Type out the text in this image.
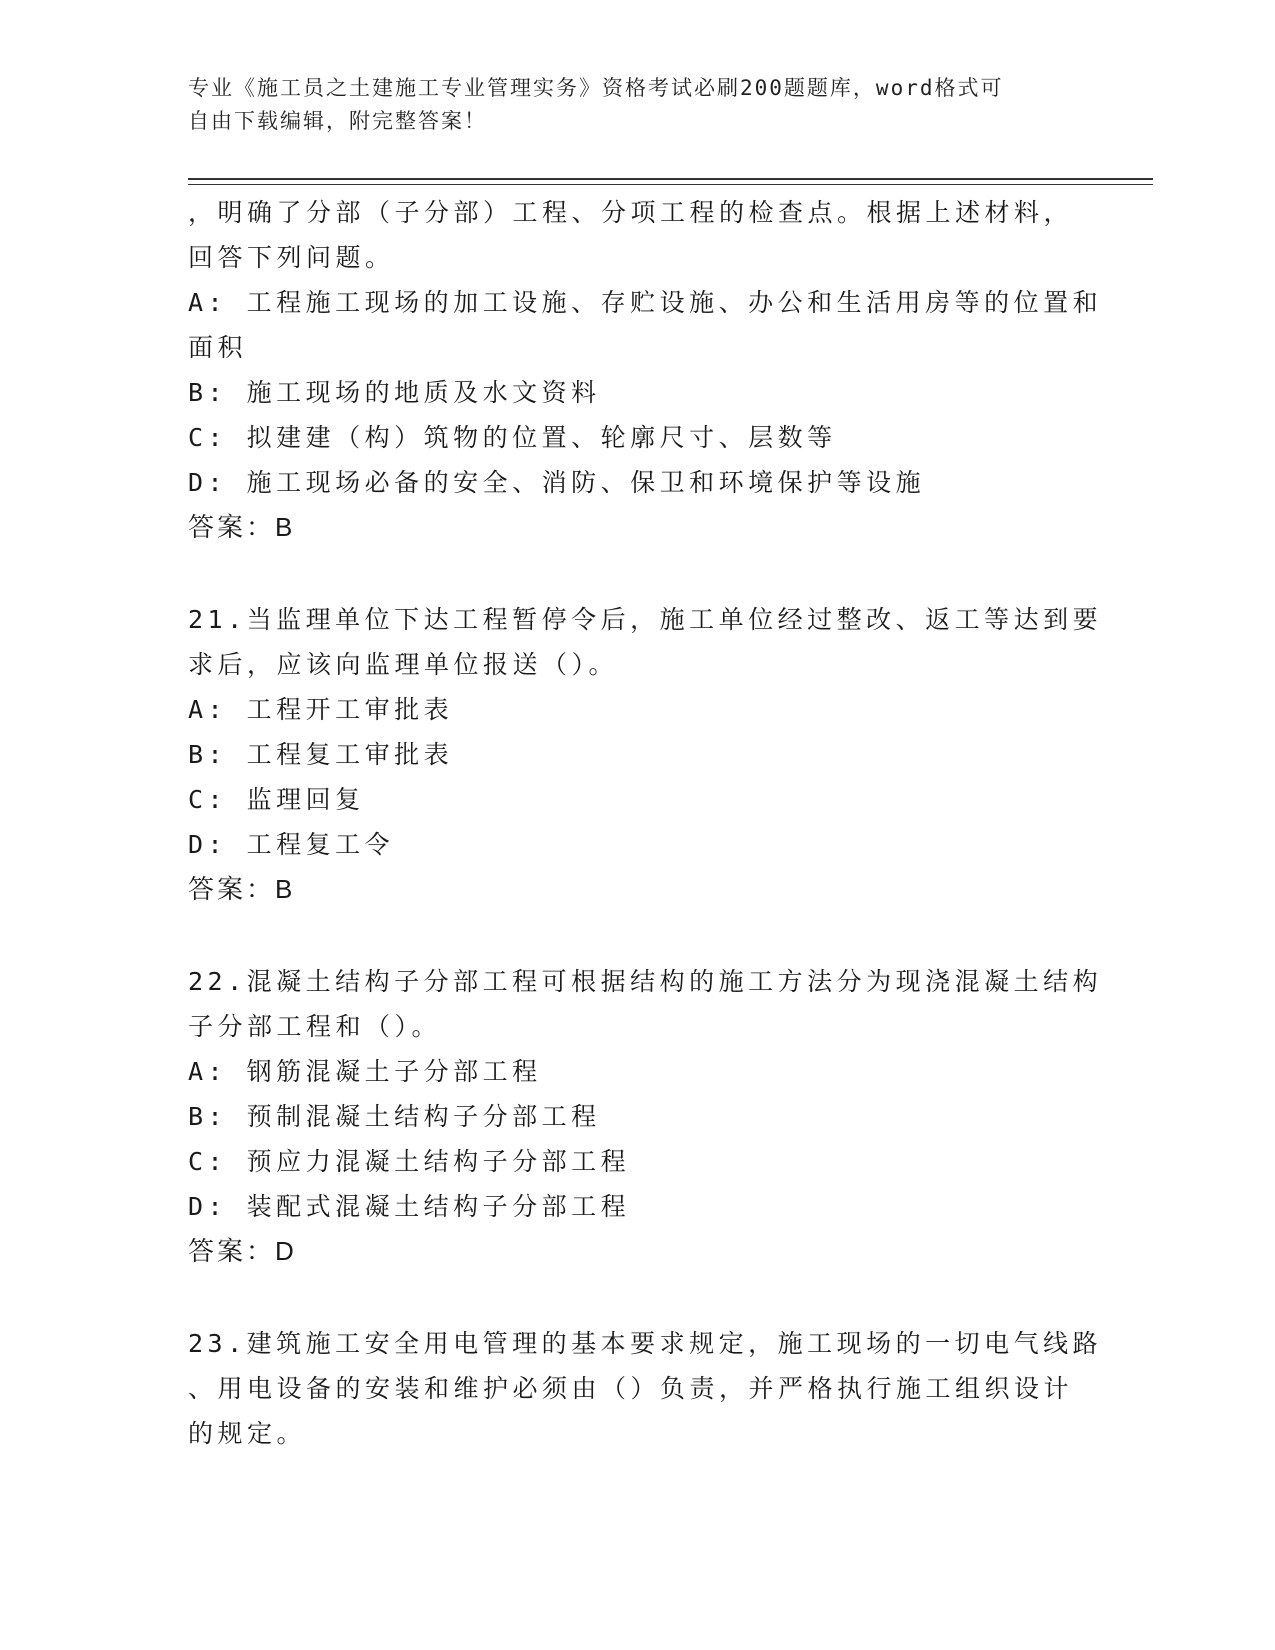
专业《施工员之土建施工专业管理实务》资格考试必刷200题题库，word格式可
自由下载编辑，附完整答案！
，明确了分部（子分部）工程、分项工程的检查点。根据上述材料，
回答下列问题。
A: 工程施工现场的加工设施、存贮设施、办公和生活用房等的位置和
面积
B: 施工现场的地质及水文资料
C: 拟建建（构）筑物的位置、轮廓尺寸、层数等
D: 施工现场必备的安全、消防、保卫和环境保护等设施
答案：B
21.当监理单位下达工程暂停令后，施工单位经过整改、返工等达到要
求后，应该向监理单位报送（）。
A: 工程开工审批表
B: 工程复工审批表
C: 监理回复
D: 工程复工令
答案：B
22.混凝土结构子分部工程可根据结构的施工方法分为现浇混凝土结构
子分部工程和（）。
A: 钢筋混凝土子分部工程
B: 预制混凝土结构子分部工程
C: 预应力混凝土结构子分部工程
D: 装配式混凝土结构子分部工程
答案：D
23.建筑施工安全用电管理的基本要求规定，施工现场的一切电气线路
、用电设备的安装和维护必须由（）负责，并严格执行施工组织设计
的规定。
